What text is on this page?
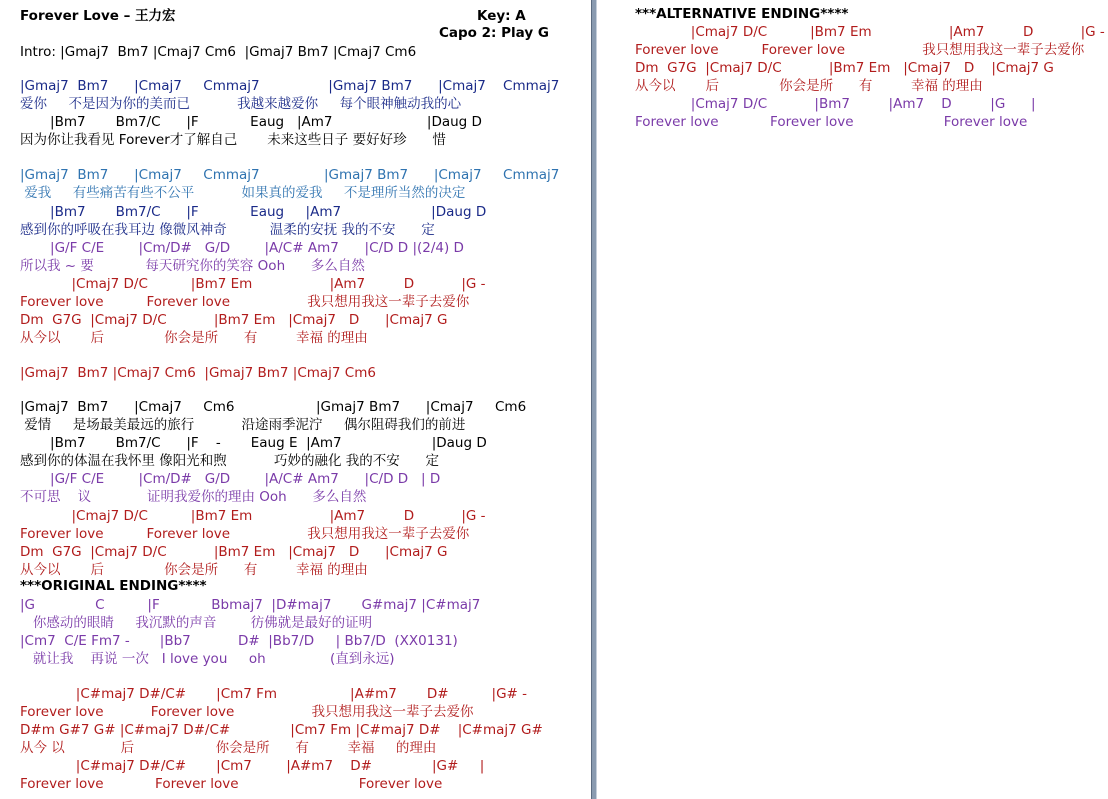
Forever Love – 王力宏	Key: A
Capo 2: Play G
Intro: |Gmaj7  Bm7 |Cmaj7 Cm6  |Gmaj7 Bm7 |Cmaj7 Cm6
|Gmaj7  Bm7      |Cmaj7     Cmmaj7                |Gmaj7 Bm7      |Cmaj7    Cmmaj7
爱你     不是因为你的美而已           我越来越爱你     每个眼神触动我的心
|Bm7       Bm7/C      |F            Eaug   |Am7                      |Daug D
因为你让我看见 Forever才了解自己       未来这些日子 要好好珍      惜
|Gmaj7  Bm7      |Cmaj7     Cmmaj7               |Gmaj7 Bm7      |Cmaj7     Cmmaj7
爱我     有些痛苦有些不公平           如果真的爱我     不是理所当然的决定
|Bm7       Bm7/C      |F            Eaug     |Am7                     |Daug D
感到你的呼吸在我耳边 像微风神奇          温柔的安抚 我的不安      定
|G/F C/E        |Cm/D#   G/D        |A/C# Am7      |C/D D |(2/4) D
所以我 ~ 要            每天研究你的笑容 Ooh      多么自然
|Cmaj7 D/C          |Bm7 Em                  |Am7         D           |G -
Forever love          Forever love                  我只想用我这一辈子去爱你
Dm  G7G  |Cmaj7 D/C           |Bm7 Em   |Cmaj7   D      |Cmaj7 G
从今以       后              你会是所      有         幸福 的理由
|Gmaj7  Bm7 |Cmaj7 Cm6  |Gmaj7 Bm7 |Cmaj7 Cm6
|Gmaj7  Bm7      |Cmaj7     Cm6                   |Gmaj7 Bm7      |Cmaj7     Cm6
爱情     是场最美最远的旅行           沿途雨季泥泞     偶尔阻碍我们的前进
|Bm7       Bm7/C      |F    -       Eaug E  |Am7                     |Daug D
感到你的体温在我怀里 像阳光和煦           巧妙的融化 我的不安      定
|G/F C/E        |Cm/D#   G/D        |A/C# Am7      |C/D D   | D
不可思    议             证明我爱你的理由 Ooh      多么自然
|Cmaj7 D/C          |Bm7 Em                  |Am7         D           |G -
Forever love          Forever love                  我只想用我这一辈子去爱你
Dm  G7G  |Cmaj7 D/C           |Bm7 Em   |Cmaj7   D      |Cmaj7 G
从今以       后              你会是所      有         幸福 的理由
***ORIGINAL ENDING****
|G              C          |F            Bbmaj7  |D#maj7       G#maj7 |C#maj7
你感动的眼睛     我沉默的声音        彷佛就是最好的证明
|Cm7  C/E Fm7 -       |Bb7           D#  |Bb7/D     | Bb7/D  (XX0131)
就让我    再说 一次   I love you     oh               (直到永远)
|C#maj7 D#/C#       |Cm7 Fm                 |A#m7       D#          |G# -
Forever love           Forever love                  我只想用我这一辈子去爱你
D#m G#7 G# |C#maj7 D#/C#              |Cm7 Fm |C#maj7 D#    |C#maj7 G#
从今 以             后                   你会是所      有         幸福     的理由
|C#maj7 D#/C#       |Cm7        |A#m7    D#              |G#     |
Forever love            Forever love                            Forever love
***ALTERNATIVE ENDING****
|Cmaj7 D/C          |Bm7 Em                  |Am7         D           |G -
Forever love          Forever love                  我只想用我这一辈子去爱你
Dm  G7G  |Cmaj7 D/C           |Bm7 Em   |Cmaj7   D    |Cmaj7 G
从今以       后              你会是所      有         幸福 的理由
|Cmaj7 D/C           |Bm7         |Am7    D         |G      |
Forever love            Forever love                     Forever love
